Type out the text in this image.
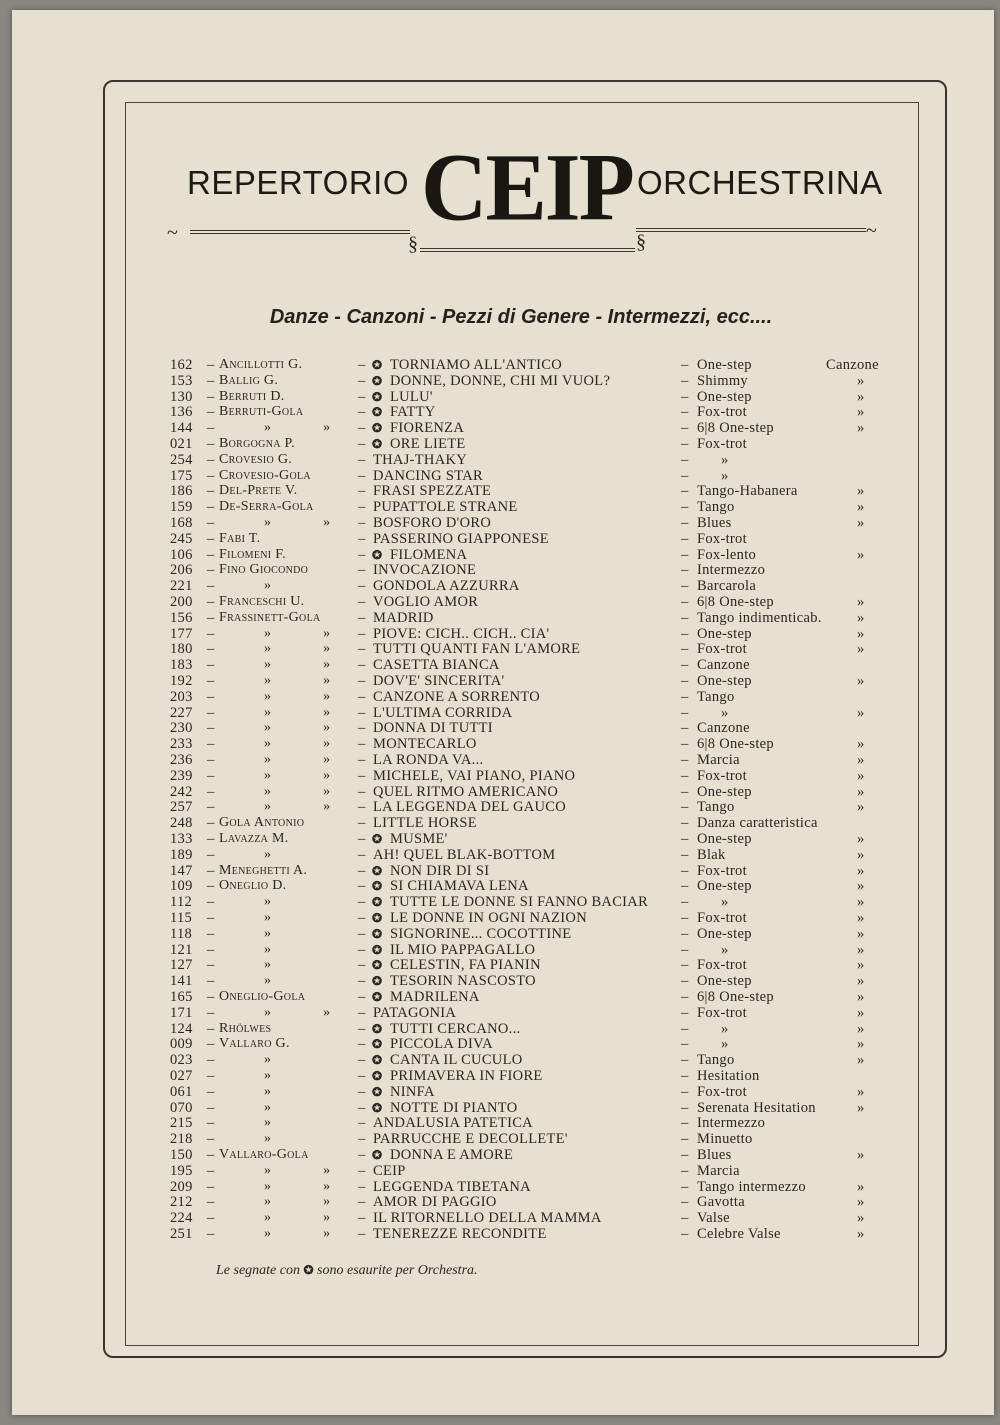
REPERTORIO CEIP ORCHESTRINA
~	~
§	§
Danze - Canzoni - Pezzi di Genere - Intermezzi, ecc....
162 – Ancillotti G.	– ✪ TORNIAMO ALL'ANTICO	– One-step	Canzone
153 – Ballig G.	– ✪ DONNE, DONNE, CHI MI VUOL?	– Shimmy	»
130 – Berruti D.	– ✪ LULU'	– One-step	»
136 – Berruti-Gola	– ✪ FATTY	– Fox-trot	»
144 –	» » – ✪ FIORENZA	– 6|8 One-step	»
021 – Borgogna P.	– ✪ ORE LIETE	– Fox-trot
254 – Crovesio G.	– THAJ-THAKY	– »
175 – Crovesio-Gola	– DANCING STAR	– »
186 – Del-Prete V.	– FRASI SPEZZATE	– Tango-Habanera	»
159 – De-Serra-Gola	– PUPATTOLE STRANE	– Tango	»
168 –	» » – BOSFORO D'ORO	– Blues	»
245 – Fabi T.	– PASSERINO GIAPPONESE	– Fox-trot
106 – Filomeni F.	– ✪ FILOMENA	– Fox-lento	»
206 – Fino Giocondo	– INVOCAZIONE	– Intermezzo
221 –	»	– GONDOLA AZZURRA	– Barcarola
200 – Franceschi U.	– VOGLIO AMOR	– 6|8 One-step	»
156 – Frassinett-Gola	– MADRID	– Tango indimenticab. »
177 –	» » – PIOVE: CICH.. CICH.. CIA'	– One-step	»
180 –	» » – TUTTI QUANTI FAN L'AMORE	– Fox-trot	»
183 –	» » – CASETTA BIANCA	– Canzone
192 –	» » – DOV'E' SINCERITA'	– One-step	»
203 –	» » – CANZONE A SORRENTO	– Tango
227 –	» » – L'ULTIMA CORRIDA	– »	»
230 –	» » – DONNA DI TUTTI	– Canzone
233 –	» » – MONTECARLO	– 6|8 One-step	»
236 –	» » – LA RONDA VA...	– Marcia	»
239 –	» » – MICHELE, VAI PIANO, PIANO	– Fox-trot	»
242 –	» » – QUEL RITMO AMERICANO	– One-step	»
257 –	» » – LA LEGGENDA DEL GAUCO	– Tango	»
248 – Gola Antonio	– LITTLE HORSE	– Danza caratteristica
133 – Lavazza M.	– ✪ MUSME'	– One-step	»
189 –	»	– AH! QUEL BLAK-BOTTOM	– Blak	»
147 – Meneghetti A.	– ✪ NON DIR DI SI	– Fox-trot	»
109 – Oneglio D.	– ✪ SI CHIAMAVA LENA	– One-step	»
112 –	»	– ✪ TUTTE LE DONNE SI FANNO BACIAR – »	»
115 –	»	– ✪ LE DONNE IN OGNI NAZION	– Fox-trot	»
118 –	»	– ✪ SIGNORINE... COCOTTINE	– One-step	»
121 –	»	– ✪ IL MIO PAPPAGALLO	– »	»
127 –	»	– ✪ CELESTIN, FA PIANIN	– Fox-trot	»
141 –	»	– ✪ TESORIN NASCOSTO	– One-step	»
165 – Oneglio-Gola	– ✪ MADRILENA	– 6|8 One-step	»
171 –	» » – PATAGONIA	– Fox-trot	»
124 – Rhölwes	– ✪ TUTTI CERCANO...	– »	»
009 – Vallaro G.	– ✪ PICCOLA DIVA	– »	»
023 –	»	– ✪ CANTA IL CUCULO	– Tango	»
027 –	»	– ✪ PRIMAVERA IN FIORE	– Hesitation
061 –	»	– ✪ NINFA	– Fox-trot	»
070 –	»	– ✪ NOTTE DI PIANTO	– Serenata Hesitation	»
215 –	»	– ANDALUSIA PATETICA	– Intermezzo
218 –	»	– PARRUCCHE E DECOLLETE'	– Minuetto
150 – Vallaro-Gola	– ✪ DONNA E AMORE	– Blues	»
195 –	» » – CEIP	– Marcia
209 –	» » – LEGGENDA TIBETANA	– Tango intermezzo	»
212 –	» » – AMOR DI PAGGIO	– Gavotta	»
224 –	» » – IL RITORNELLO DELLA MAMMA	– Valse	»
251 –	» » – TENEREZZE RECONDITE	– Celebre Valse	»
Le segnate con ✪ sono esaurite per Orchestra.
